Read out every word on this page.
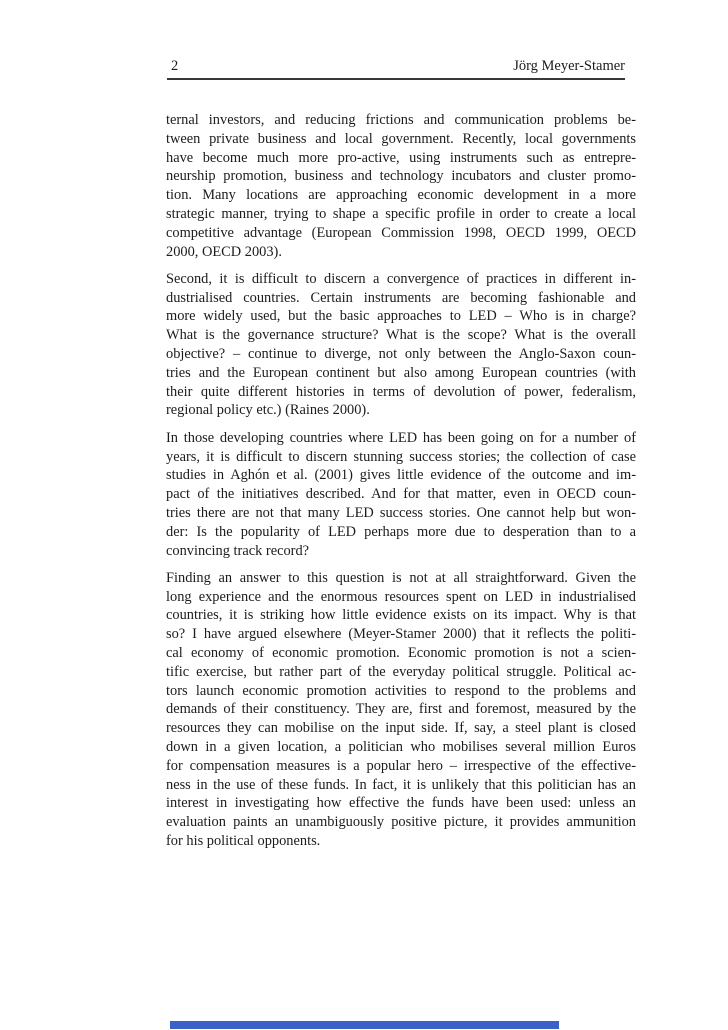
2	Jörg Meyer-Stamer

ternal investors, and reducing frictions and communication problems be-
tween private business and local government. Recently, local governments
have become much more pro-active, using instruments such as entrepre-
neurship promotion, business and technology incubators and cluster promo-
tion. Many locations are approaching economic development in a more
strategic manner, trying to shape a specific profile in order to create a local
competitive advantage (European Commission 1998, OECD 1999, OECD
2000, OECD 2003).

Second, it is difficult to discern a convergence of practices in different in-
dustrialised countries. Certain instruments are becoming fashionable and
more widely used, but the basic approaches to LED – Who is in charge?
What is the governance structure? What is the scope? What is the overall
objective? – continue to diverge, not only between the Anglo-Saxon coun-
tries and the European continent but also among European countries (with
their quite different histories in terms of devolution of power, federalism,
regional policy etc.) (Raines 2000).

In those developing countries where LED has been going on for a number of
years, it is difficult to discern stunning success stories; the collection of case
studies in Aghón et al. (2001) gives little evidence of the outcome and im-
pact of the initiatives described. And for that matter, even in OECD coun-
tries there are not that many LED success stories. One cannot help but won-
der: Is the popularity of LED perhaps more due to desperation than to a
convincing track record?

Finding an answer to this question is not at all straightforward. Given the
long experience and the enormous resources spent on LED in industrialised
countries, it is striking how little evidence exists on its impact. Why is that
so? I have argued elsewhere (Meyer-Stamer 2000) that it reflects the politi-
cal economy of economic promotion. Economic promotion is not a scien-
tific exercise, but rather part of the everyday political struggle. Political ac-
tors launch economic promotion activities to respond to the problems and
demands of their constituency. They are, first and foremost, measured by the
resources they can mobilise on the input side. If, say, a steel plant is closed
down in a given location, a politician who mobilises several million Euros
for compensation measures is a popular hero – irrespective of the effective-
ness in the use of these funds. In fact, it is unlikely that this politician has an
interest in investigating how effective the funds have been used: unless an
evaluation paints an unambiguously positive picture, it provides ammunition
for his political opponents.
